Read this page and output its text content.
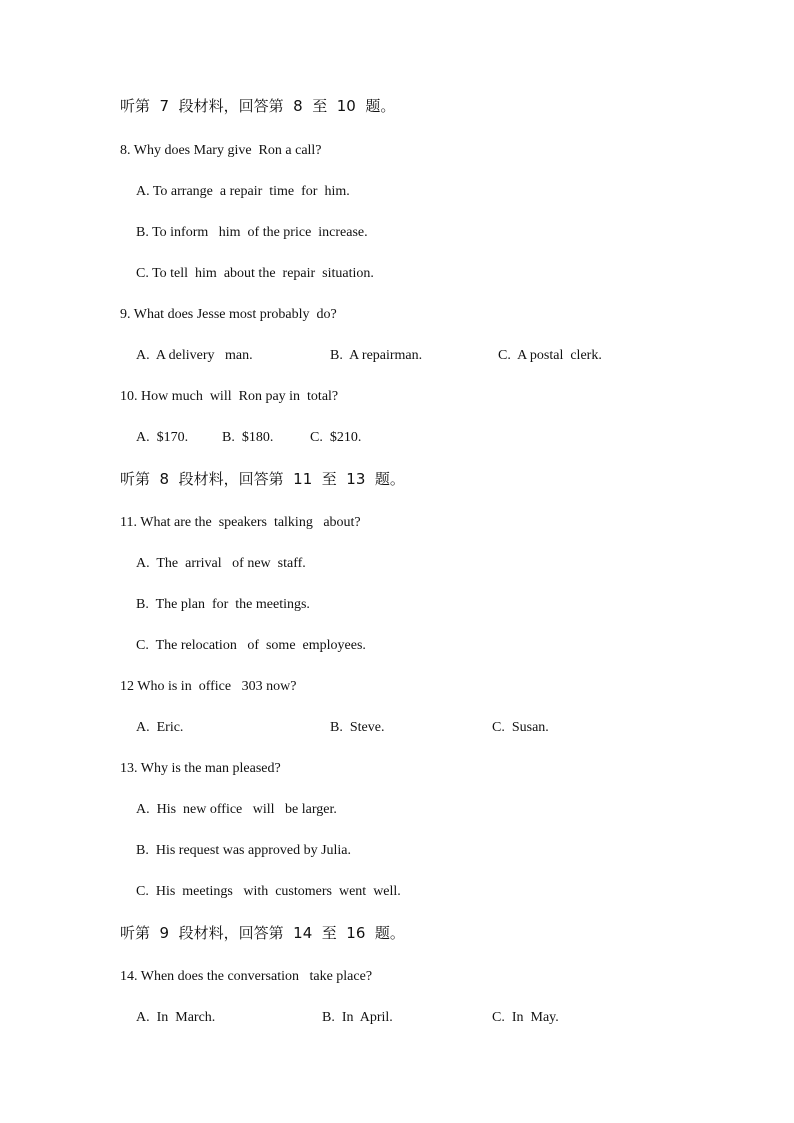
听第  7  段材料，回答第  8  至  10  题。
8. Why does Mary give  Ron a call?
A. To arrange  a repair  time  for  him.
B. To inform   him  of the price  increase.
C. To tell  him  about the  repair  situation.
9. What does Jesse most probably  do?
A.  A delivery   man.	B.  A repairman.	C.  A postal  clerk.
10. How much  will  Ron pay in  total?
A.  $170. B.  $180.	C.  $210.
听第  8  段材料，回答第  11  至  13  题。
11. What are the  speakers  talking   about?
A.  The  arrival   of new  staff.
B.  The plan  for  the meetings.
C.  The relocation   of  some  employees.
12 Who is in  office   303 now?
A.  Eric.	B.  Steve.	C.  Susan.
13. Why is the man pleased?
A.  His  new office   will   be larger.
B.  His request was approved by Julia.
C.  His  meetings   with  customers  went  well.
听第  9  段材料，回答第  14  至  16  题。
14. When does the conversation   take place?
A.  In  March.	B.  In  April.	C.  In  May.
